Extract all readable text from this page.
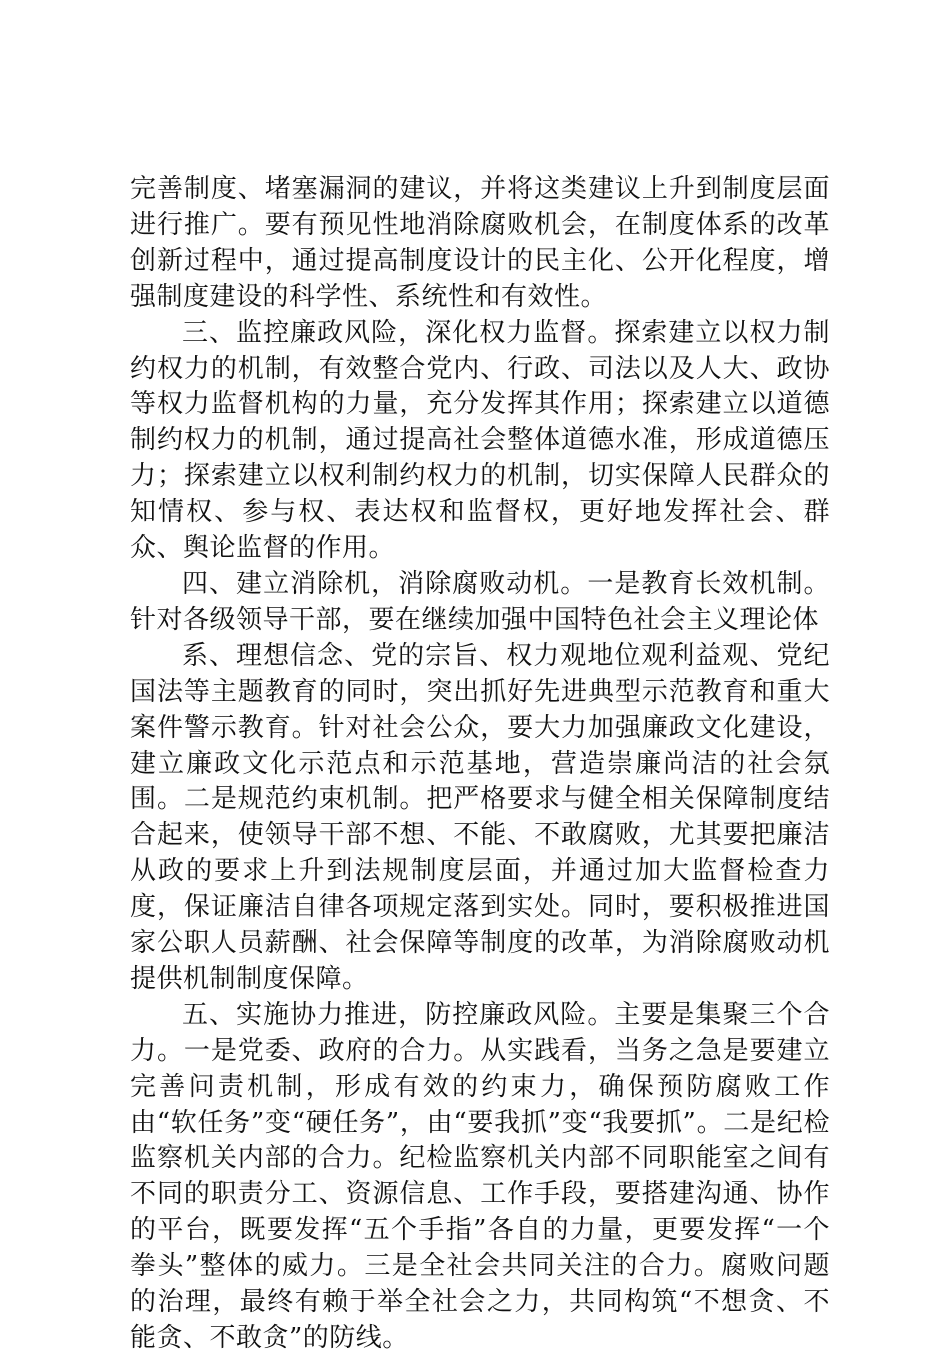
完善制度、堵塞漏洞的建议，并将这类建议上升到制度层面进行推广。要有预见性地消除腐败机会，在制度体系的改革创新过程中，通过提高制度设计的民主化、公开化程度，增强制度建设的科学性、系统性和有效性。

三、监控廉政风险，深化权力监督。探索建立以权力制约权力的机制，有效整合党内、行政、司法以及人大、政协等权力监督机构的力量，充分发挥其作用；探索建立以道德制约权力的机制，通过提高社会整体道德水准，形成道德压力；探索建立以权利制约权力的机制，切实保障人民群众的知情权、参与权、表达权和监督权，更好地发挥社会、群众、舆论监督的作用。

四、建立消除机，消除腐败动机。一是教育长效机制。针对各级领导干部，要在继续加强中国特色社会主义理论体

系、理想信念、党的宗旨、权力观地位观利益观、党纪国法等主题教育的同时，突出抓好先进典型示范教育和重大案件警示教育。针对社会公众，要大力加强廉政文化建设，建立廉政文化示范点和示范基地，营造崇廉尚洁的社会氛围。二是规范约束机制。把严格要求与健全相关保障制度结合起来，使领导干部不想、不能、不敢腐败，尤其要把廉洁从政的要求上升到法规制度层面，并通过加大监督检查力度，保证廉洁自律各项规定落到实处。同时，要积极推进国家公职人员薪酬、社会保障等制度的改革，为消除腐败动机提供机制制度保障。

五、实施协力推进，防控廉政风险。主要是集聚三个合力。一是党委、政府的合力。从实践看，当务之急是要建立完善问责机制，形成有效的约束力，确保预防腐败工作由“软任务”变“硬任务”，由“要我抓”变“我要抓”。二是纪检监察机关内部的合力。纪检监察机关内部不同职能室之间有不同的职责分工、资源信息、工作手段，要搭建沟通、协作的平台，既要发挥“五个手指”各自的力量，更要发挥“一个拳头”整体的威力。三是全社会共同关注的合力。腐败问题的治理，最终有赖于举全社会之力，共同构筑“不想贪、不能贪、不敢贪”的防线。
